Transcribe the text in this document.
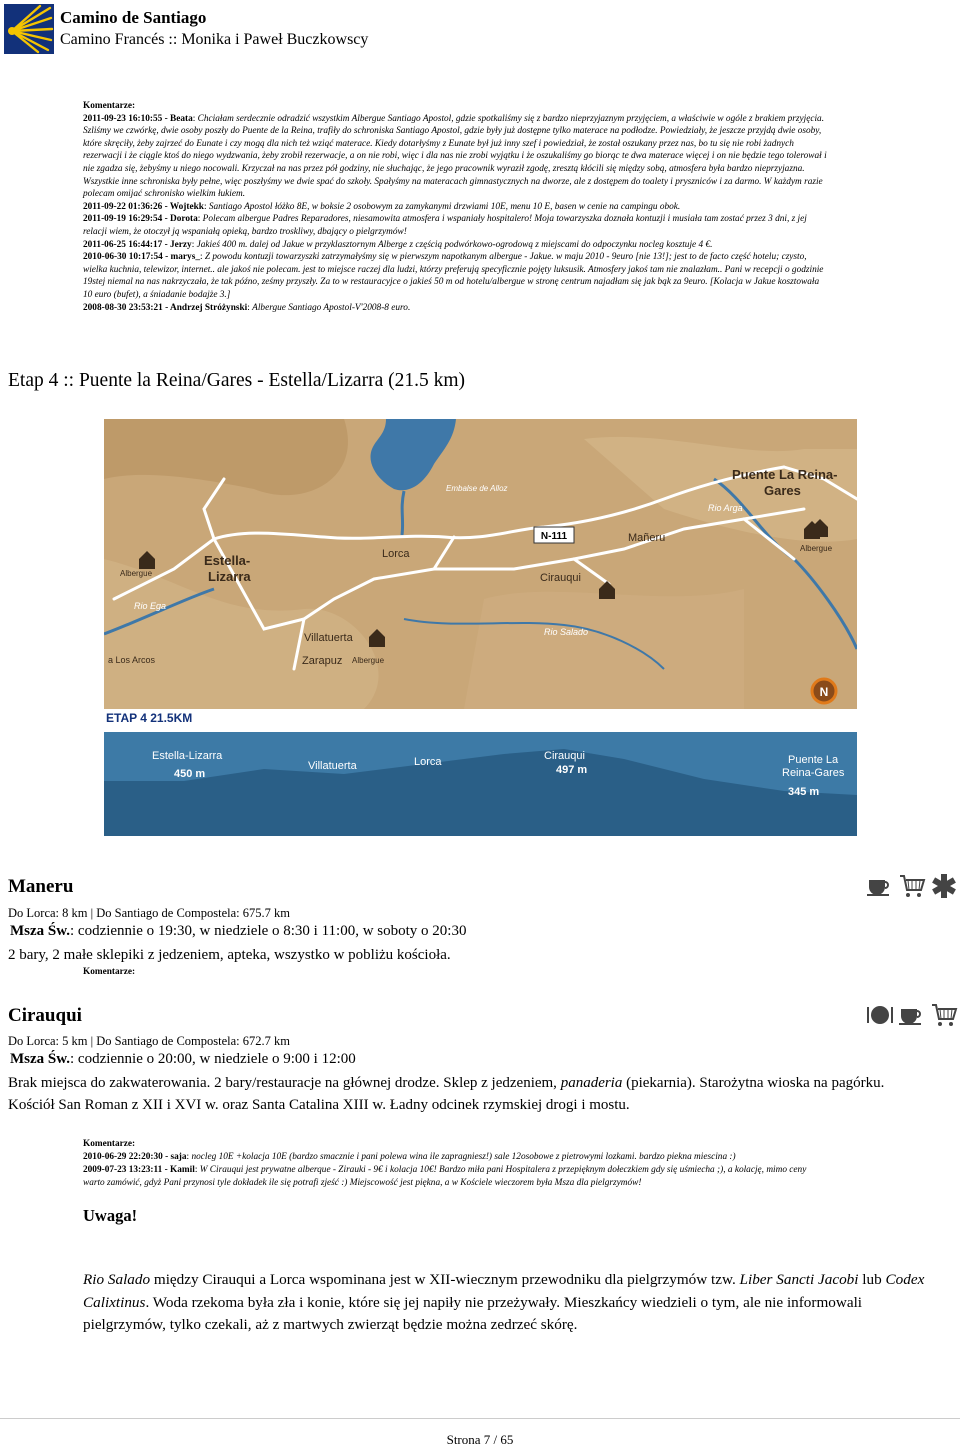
Camino de Santiago
Camino Francés :: Monika i Paweł Buczkowscy
Komentarze:
2011-09-23 16:10:55 - Beata: Chciałam serdecznie odradzić wszystkim Albergue Santiago Apostol, gdzie spotkaliśmy się z bardzo nieprzyjaznym przyjęciem, a właściwie w ogóle z brakiem przyjęcia. Szliśmy we czwórkę, dwie osoby poszły do Puente de la Reina, trafiły do schroniska Santiago Apostol, gdzie były już dostępne tylko materace na podłodze. Powiedziały, że jeszcze przyjdą dwie osoby, które skręciły, żeby zajrzeć do Eunate i czy mogą dla nich też wziąć materace. Kiedy dotarłyśmy z Eunate był już inny szef i powiedział, że został oszukany przez nas, bo tu się nie robi żadnych rezerwacji i że ciągle ktoś do niego wydzwania, żeby zrobił rezerwacje, a on nie robi, więc i dla nas nie zrobi wyjątku i że oszukaliśmy go biorąc te dwa materace więcej i on nie będzie tego tolerował i nie zgadza się, żebyśmy u niego nocowali. Krzyczał na nas przez pół godziny, nie słuchając, że jego pracownik wyraził zgodę, zresztą kłócili się między sobą, atmosfera była bardzo nieprzyjazna. Wszystkie inne schroniska były pełne, więc poszłyśmy we dwie spać do szkoły. Spałyśmy na materacach gimnastycznych na dworze, ale z dostępem do toalety i pryszniców i za darmo. W każdym razie polecam omijać schronisko wielkim łukiem.
2011-09-22 01:36:26 - Wojtekk: Santiago Apostol łóżko 8E, w boksie 2 osobowym za zamykanymi drzwiami 10E, menu 10 E, basen w cenie na campingu obok.
2011-09-19 16:29:54 - Dorota: Polecam albergue Padres Reparadores, niesamowita atmosfera i wspaniały hospitalero! Moja towarzyszka doznała kontuzji i musiała tam zostać przez 3 dni, z jej relacji wiem, że otoczył ją wspaniałą opieką, bardzo troskliwy, dbający o pielgrzymów!
2011-06-25 16:44:17 - Jerzy: Jakieś 400 m. dalej od Jakue w przyklasztornym Alberge z częścią podwórkowo-ogrodową z miejscami do odpoczynku nocleg kosztuje 4 €.
2010-06-30 10:17:54 - marys_: Z powodu kontuzji towarzyszki zatrzymałyśmy się w pierwszym napotkanym albergue - Jakue. w maju 2010 - 9euro [nie 13!]; jest to de facto część hotelu; czysto, wielka kuchnia, telewizor, internet.. ale jakoś nie polecam. jest to miejsce raczej dla ludzi, którzy preferują specyficznie pojęty luksusik. Atmosfery jakoś tam nie znalazłam.. Pani w recepcji o godzinie 19stej niemal na nas nakrzyczała, że tak późno, ześmy przyszły. Za to w restauracyjce o jakieś 50 m od hotelu/albergue w stronę centrum najadłam się jak bąk za 9euro. [Kolacja w Jakue kosztowała 10 euro (bufet), a śniadanie bodajże 3.]
2008-08-30 23:53:21 - Andrzej Stróżynski: Albergue Santiago Apostol-V'2008-8 euro.
Etap 4 :: Puente la Reina/Gares - Estella/Lizarra (21.5 km)
N-111
N
Puente La Reina-
Gares
Mañeru
Cirauqui
Lorca
Estella-
Lizarra
Villatuerta
Zarapuz
a Los Arcos
Rio Arga
Rio Salado
Rio Ega
Embalse de Alloz
Albergue
Albergue
Albergue
ETAP 4 21.5KM
Estella-Lizarra
450 m
Villatuerta	Lorca	Cirauqui
497 m
Puente La
Reina-Gares
345 m
Maneru
Do Lorca: 8 km | Do Santiago de Compostela: 675.7 km
Msza Św.: codziennie o 19:30, w niedziele o 8:30 i 11:00, w soboty o 20:30
2 bary, 2 małe sklepiki z jedzeniem, apteka, wszystko w pobliżu kościoła.
Komentarze:
Cirauqui
Do Lorca: 5 km | Do Santiago de Compostela: 672.7 km
Msza Św.: codziennie o 20:00, w niedziele o 9:00 i 12:00
Brak miejsca do zakwaterowania. 2 bary/restauracje na głównej drodze. Sklep z jedzeniem, panaderia (piekarnia). Starożytna wioska na pagórku. Kościół San Roman z XII i XVI w. oraz Santa Catalina XIII w. Ładny odcinek rzymskiej drogi i mostu.
Komentarze:
2010-06-29 22:20:30 - saja: nocleg 10E +kolacja 10E (bardzo smacznie i pani polewa wina ile zapragniesz!) sale 12osobowe z pietrowymi lozkami. bardzo piekna miescina :)
2009-07-23 13:23:11 - Kamil: W Cirauqui jest prywatne alberque - Zirauki - 9€ i kolacja 10€! Bardzo miła pani Hospitalera z przepięknym dołeczkiem gdy się uśmiecha ;), a kolację, mimo ceny warto zamówić, gdyż Pani przynosi tyle dokładek ile się potrafi zjeść :) Miejscowość jest piękna, a w Kościele wieczorem była Msza dla pielgrzymów!
Uwaga!
Rio Salado między Cirauqui a Lorca wspominana jest w XII-wiecznym przewodniku dla pielgrzymów tzw. Liber Sancti Jacobi lub Codex Calixtinus. Woda rzekoma była zła i konie, które się jej napiły nie przeżywały. Mieszkańcy wiedzieli o tym, ale nie informowali pielgrzymów, tylko czekali, aż z martwych zwierząt będzie można zedrzeć skórę.
Strona 7 / 65
